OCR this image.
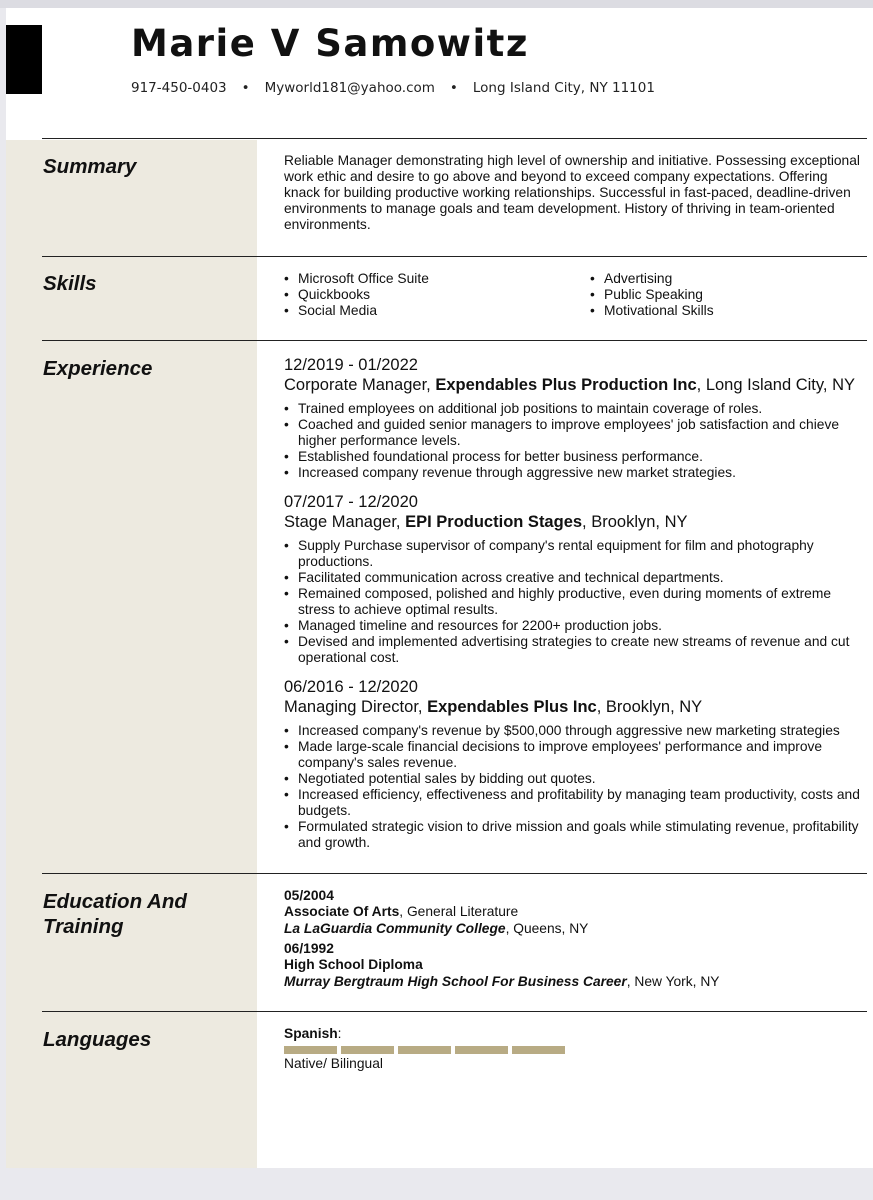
Marie V Samowitz
917-450-0403 • Myworld181@yahoo.com • Long Island City, NY 11101
Summary	Reliable Manager demonstrating high level of ownership and initiative. Possessing exceptional work ethic and desire to go above and beyond to exceed company expectations. Offering knack for building productive working relationships. Successful in fast-paced, deadline-driven environments to manage goals and team development. History of thriving in team-oriented environments.
Skills
•	Microsoft Office Suite
• Quickbooks
• Social Media
• Advertising
• Public Speaking
• Motivational Skills
Experience	12/2019 - 01/2022
Corporate Manager, Expendables Plus Production Inc, Long Island City, NY
• Trained employees on additional job positions to maintain coverage of roles.
• Coached and guided senior managers to improve employees' job satisfaction and chieve higher performance levels.
• Established foundational process for better business performance.
• Increased company revenue through aggressive new market strategies.
07/2017 - 12/2020
Stage Manager, EPI Production Stages, Brooklyn, NY
• Supply Purchase supervisor of company's rental equipment for film and photography productions.
• Facilitated communication across creative and technical departments.
• Remained composed, polished and highly productive, even during moments of extreme stress to achieve optimal results.
• Managed timeline and resources for 2200+ production jobs.
• Devised and implemented advertising strategies to create new streams of revenue and cut operational cost.
06/2016 - 12/2020
Managing Director, Expendables Plus Inc, Brooklyn, NY
• Increased company's revenue by $500,000 through aggressive new marketing strategies
• Made large-scale financial decisions to improve employees' performance and improve company's sales revenue.
• Negotiated potential sales by bidding out quotes.
• Increased efficiency, effectiveness and profitability by managing team productivity, costs and budgets.
• Formulated strategic vision to drive mission and goals while stimulating revenue, profitability and growth.
Education And
Training
05/2004
Associate Of Arts, General Literature
La LaGuardia Community College, Queens, NY
06/1992
High School Diploma
Murray Bergtraum High School For Business Career, New York, NY
Languages	Spanish:
Native/ Bilingual
